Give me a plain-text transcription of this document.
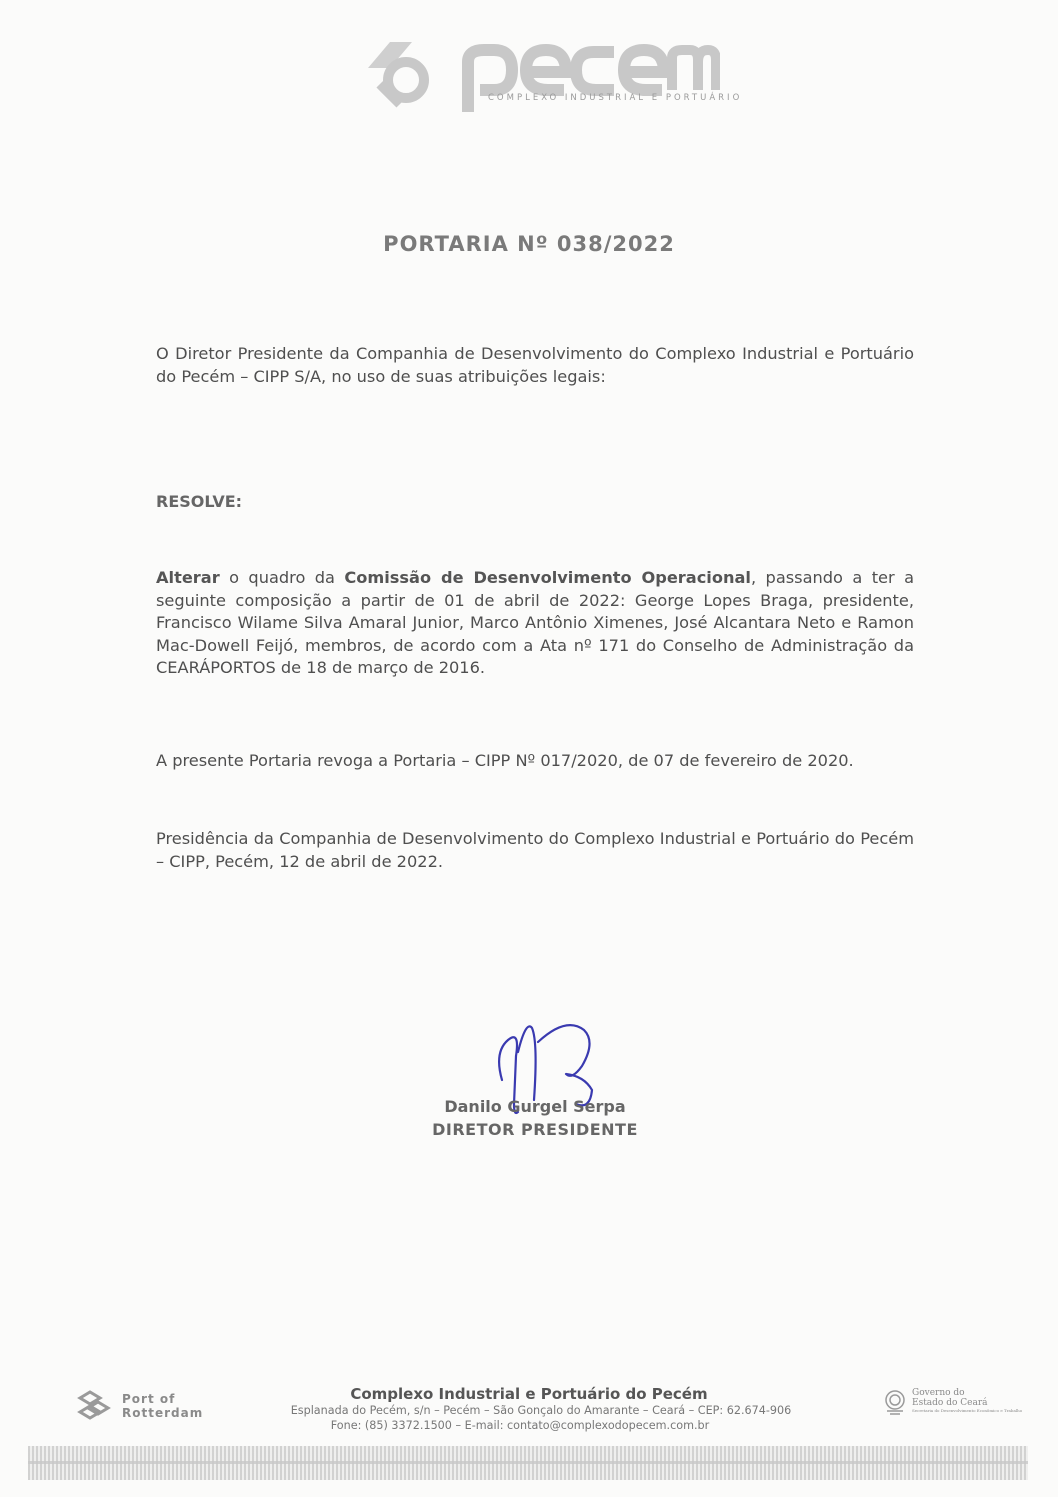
COMPLEXO INDUSTRIAL E PORTUÁRIO
PORTARIA Nº 038/2022
O Diretor Presidente da Companhia de Desenvolvimento do Complexo Industrial e Portuário do Pecém – CIPP S/A, no uso de suas atribuições legais:
RESOLVE:
Alterar o quadro da Comissão de Desenvolvimento Operacional, passando a ter a seguinte composição a partir de 01 de abril de 2022: George Lopes Braga, presidente, Francisco Wilame Silva Amaral Junior, Marco Antônio Ximenes, José Alcantara Neto e Ramon Mac-Dowell Feijó, membros, de acordo com a Ata nº 171 do Conselho de Administração da CEARÁPORTOS de 18 de março de 2016.
A presente Portaria revoga a Portaria – CIPP Nº 017/2020, de 07 de fevereiro de 2020.
Presidência da Companhia de Desenvolvimento do Complexo Industrial e Portuário do Pecém – CIPP, Pecém, 12 de abril de 2022.
Danilo Gurgel Serpa
DIRETOR PRESIDENTE
Port of
Rotterdam
Complexo Industrial e Portuário do Pecém
Esplanada do Pecém, s/n – Pecém – São Gonçalo do Amarante – Ceará – CEP: 62.674-906
Fone: (85) 3372.1500 – E-mail: contato@complexodopecem.com.br
Governo do
Estado do Ceará
Secretaria do Desenvolvimento Econômico e Trabalho
